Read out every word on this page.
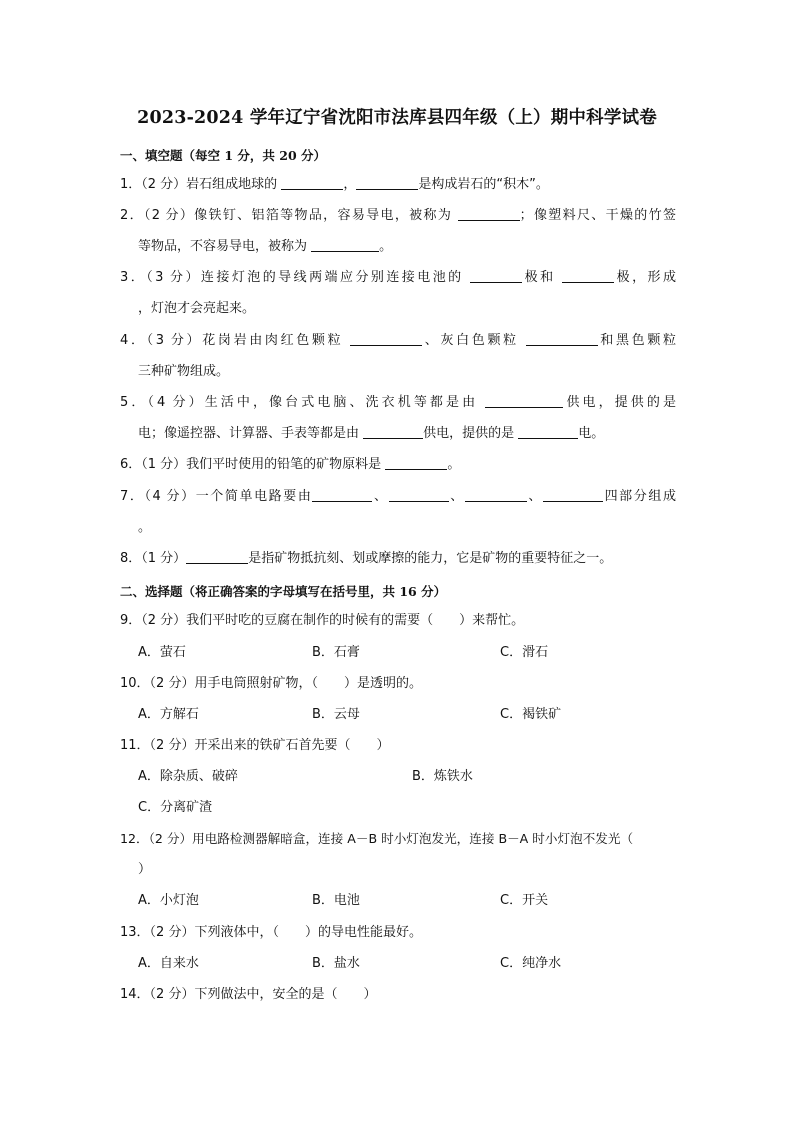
2023-2024 学年辽宁省沈阳市法库县四年级（上）期中科学试卷
一、填空题（每空 1 分，共 20 分）
1．（2 分）岩石组成地球的	，	是构成岩石的“积木”。
2．（2 分）像铁钉、铝箔等物品，容易导电，被称为	；像塑料尺、干燥的竹签
等物品，不容易导电，被称为	。
3．（3 分）连接灯泡的导线两端应分别连接电池的	极和	极，形成
，灯泡才会亮起来。
4．（3 分）花岗岩由肉红色颗粒	、灰白色颗粒	和黑色颗粒
三种矿物组成。
5．（4 分）生活中，像台式电脑、洗衣机等都是由	供电，提供的是
电；像遥控器、计算器、手表等都是由	供电，提供的是	电。
6．（1 分）我们平时使用的铅笔的矿物原料是	。
7．（4 分）一个简单电路要由	、	、	、	四部分组成
。
8．（1 分）	是指矿物抵抗刻、划或摩擦的能力，它是矿物的重要特征之一。
二、选择题（将正确答案的字母填写在括号里，共 16 分）
9．（2 分）我们平时吃的豆腐在制作的时候有的需要（　　）来帮忙。
A．萤石	B．石膏	C．滑石
10．（2 分）用手电筒照射矿物，（　　）是透明的。
A．方解石	B．云母	C．褐铁矿
11．（2 分）开采出来的铁矿石首先要（　　）
A．除杂质、破碎	B．炼铁水
C．分离矿渣
12．（2 分）用电路检测器解暗盒，连接 A－B 时小灯泡发光，连接 B－A 时小灯泡不发光（
）
A．小灯泡	B．电池	C．开关
13．（2 分）下列液体中，（　　）的导电性能最好。
A．自来水	B．盐水	C．纯净水
14．（2 分）下列做法中，安全的是（　　）
